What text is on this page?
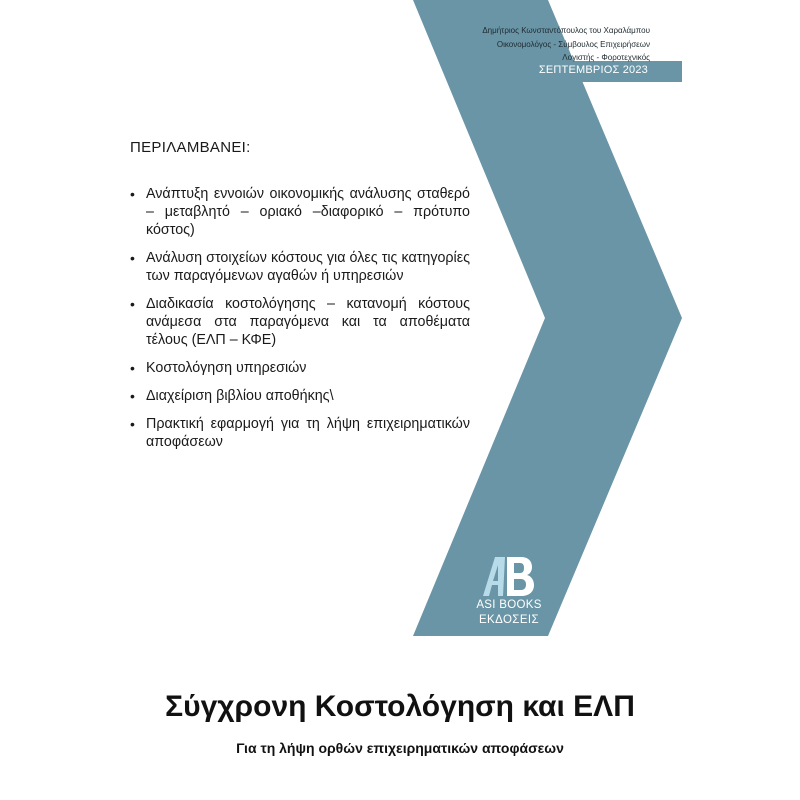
ΣΕΠΤΕΜΒΡΙΟΣ 2023
Δημήτριος Κωνσταντόπουλος του Χαραλάμπου
Οικονομολόγος - Σύμβουλος Επιχειρήσεων
Λογιστής - Φοροτεχνικός
ΠΕΡΙΛΑΜΒΑΝΕΙ:
• Ανάπτυξη εννοιών οικονομικής ανάλυσης σταθερό – μεταβλητό – οριακό –διαφορικό – πρότυπο κόστος)
• Ανάλυση στοιχείων κόστους για όλες τις κατηγορίες των παραγόμενων αγαθών ή υπηρεσιών
• Διαδικασία κοστολόγησης – κατανομή κόστους ανάμεσα στα παραγόμενα και τα αποθέματα τέλους (ΕΛΠ – ΚΦΕ)
• Κοστολόγηση υπηρεσιών
• Διαχείριση βιβλίου αποθήκης\
• Πρακτική εφαρμογή για τη λήψη επιχειρηματικών αποφάσεων
ASI BOOKS
ΕΚΔΟΣΕΙΣ
Σύγχρονη Κοστολόγηση και ΕΛΠ
Για τη λήψη ορθών επιχειρηματικών αποφάσεων
